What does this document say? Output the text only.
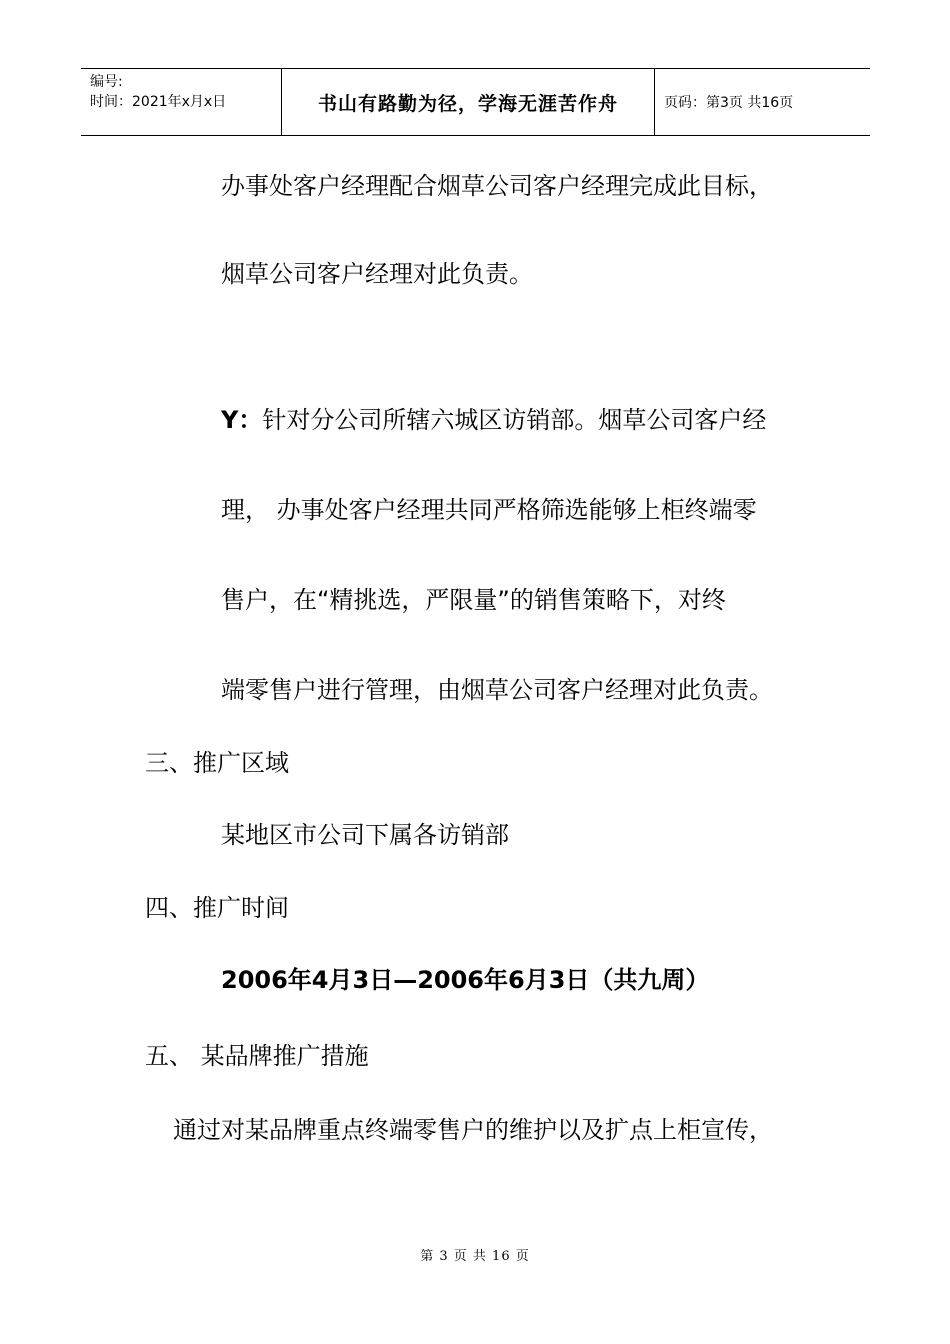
编号:
时间：2021年x月x日	书山有路勤为径，学海无涯苦作舟	页码：第3页 共16页
办事处客户经理配合烟草公司客户经理完成此目标，
烟草公司客户经理对此负责。
Y：针对分公司所辖六城区访销部。烟草公司客户经
理， 办事处客户经理共同严格筛选能够上柜终端零
售户，在“精挑选，严限量”的销售策略下，对终
端零售户进行管理，由烟草公司客户经理对此负责。
三、推广区域
某地区市公司下属各访销部
四、推广时间
2006年4月3日—2006年6月3日（共九周）
五、 某品牌推广措施
通过对某品牌重点终端零售户的维护以及扩点上柜宣传，
第 3 页 共 16 页
